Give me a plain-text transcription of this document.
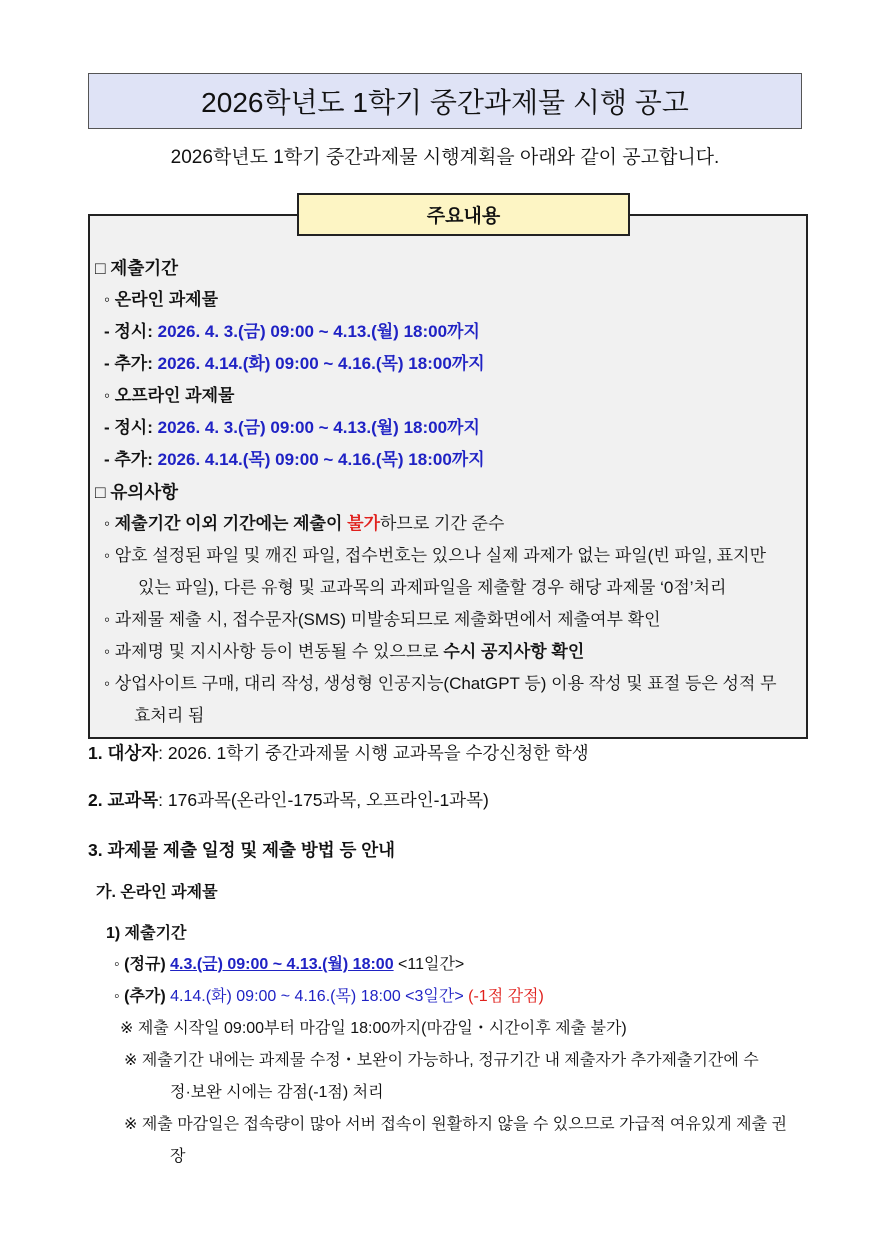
2026학년도 1학기 중간과제물 시행 공고
2026학년도 1학기 중간과제물 시행계획을 아래와 같이 공고합니다.
주요내용
□ 제출기간
◦ 온라인 과제물
- 정시: 2026. 4. 3.(금) 09:00 ~ 4.13.(월) 18:00까지
- 추가: 2026. 4.14.(화) 09:00 ~ 4.16.(목) 18:00까지
◦ 오프라인 과제물
- 정시: 2026. 4. 3.(금) 09:00 ~ 4.13.(월) 18:00까지
- 추가: 2026. 4.14.(목) 09:00 ~ 4.16.(목) 18:00까지
□ 유의사항
◦ 제출기간 이외 기간에는 제출이 불가하므로 기간 준수
◦ 암호 설정된 파일 및 깨진 파일, 접수번호는 있으나 실제 과제가 없는 파일(빈 파일, 표지만
있는 파일), 다른 유형 및 교과목의 과제파일을 제출할 경우 해당 과제물 ‘0점’처리
◦ 과제물 제출 시, 접수문자(SMS) 미발송되므로 제출화면에서 제출여부 확인
◦ 과제명 및 지시사항 등이 변동될 수 있으므로 수시 공지사항 확인
◦ 상업사이트 구매, 대리 작성, 생성형 인공지능(ChatGPT 등) 이용 작성 및 표절 등은 성적 무
효처리 됨
1. 대상자: 2026. 1학기 중간과제물 시행 교과목을 수강신청한 학생
2. 교과목: 176과목(온라인-175과목, 오프라인-1과목)
3. 과제물 제출 일정 및 제출 방법 등 안내
가. 온라인 과제물
1) 제출기간
◦ (정규) 4.3.(금) 09:00 ~ 4.13.(월) 18:00 <11일간>
◦ (추가) 4.14.(화) 09:00 ~ 4.16.(목) 18:00 <3일간> (-1점 감점)
※ 제출 시작일 09:00부터 마감일 18:00까지(마감일・시간이후 제출 불가)
※ 제출기간 내에는 과제물 수정・보완이 가능하나, 정규기간 내 제출자가 추가제출기간에 수
정·보완 시에는 감점(-1점) 처리
※ 제출 마감일은 접속량이 많아 서버 접속이 원활하지 않을 수 있으므로 가급적 여유있게 제출 권
장
